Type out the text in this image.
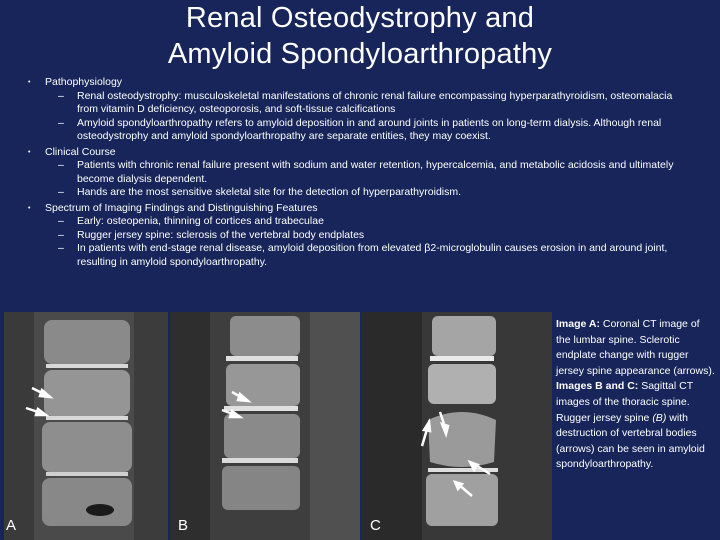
Renal Osteodystrophy and
Amyloid Spondyloarthropathy
• Pathophysiology
– Renal osteodystrophy: musculoskeletal manifestations of chronic renal failure encompassing hyperparathyroidism, osteomalacia from vitamin D deficiency, osteoporosis, and soft-tissue calcifications
– Amyloid spondyloarthropathy refers to amyloid deposition in and around joints in patients on long-term dialysis. Although renal osteodystrophy and amyloid spondyloarthropathy are separate entities, they may coexist.
• Clinical Course
– Patients with chronic renal failure present with sodium and water retention, hypercalcemia, and metabolic acidosis and ultimately become dialysis dependent.
– Hands are the most sensitive skeletal site for the detection of hyperparathyroidism.
• Spectrum of Imaging Findings and Distinguishing Features
– Early: osteopenia, thinning of cortices and trabeculae
– Rugger jersey spine: sclerosis of the vertebral body endplates
– In patients with end-stage renal disease, amyloid deposition from elevated β2-microglobulin causes erosion in and around joint, resulting in amyloid spondyloarthropathy.
A	B	C
Image A: Coronal CT image of the lumbar spine. Sclerotic endplate change with rugger jersey spine appearance (arrows).
Images B and C: Sagittal CT images of the thoracic spine. Rugger jersey spine (B) with destruction of vertebral bodies (arrows) can be seen in amyloid spondyloarthropathy.
